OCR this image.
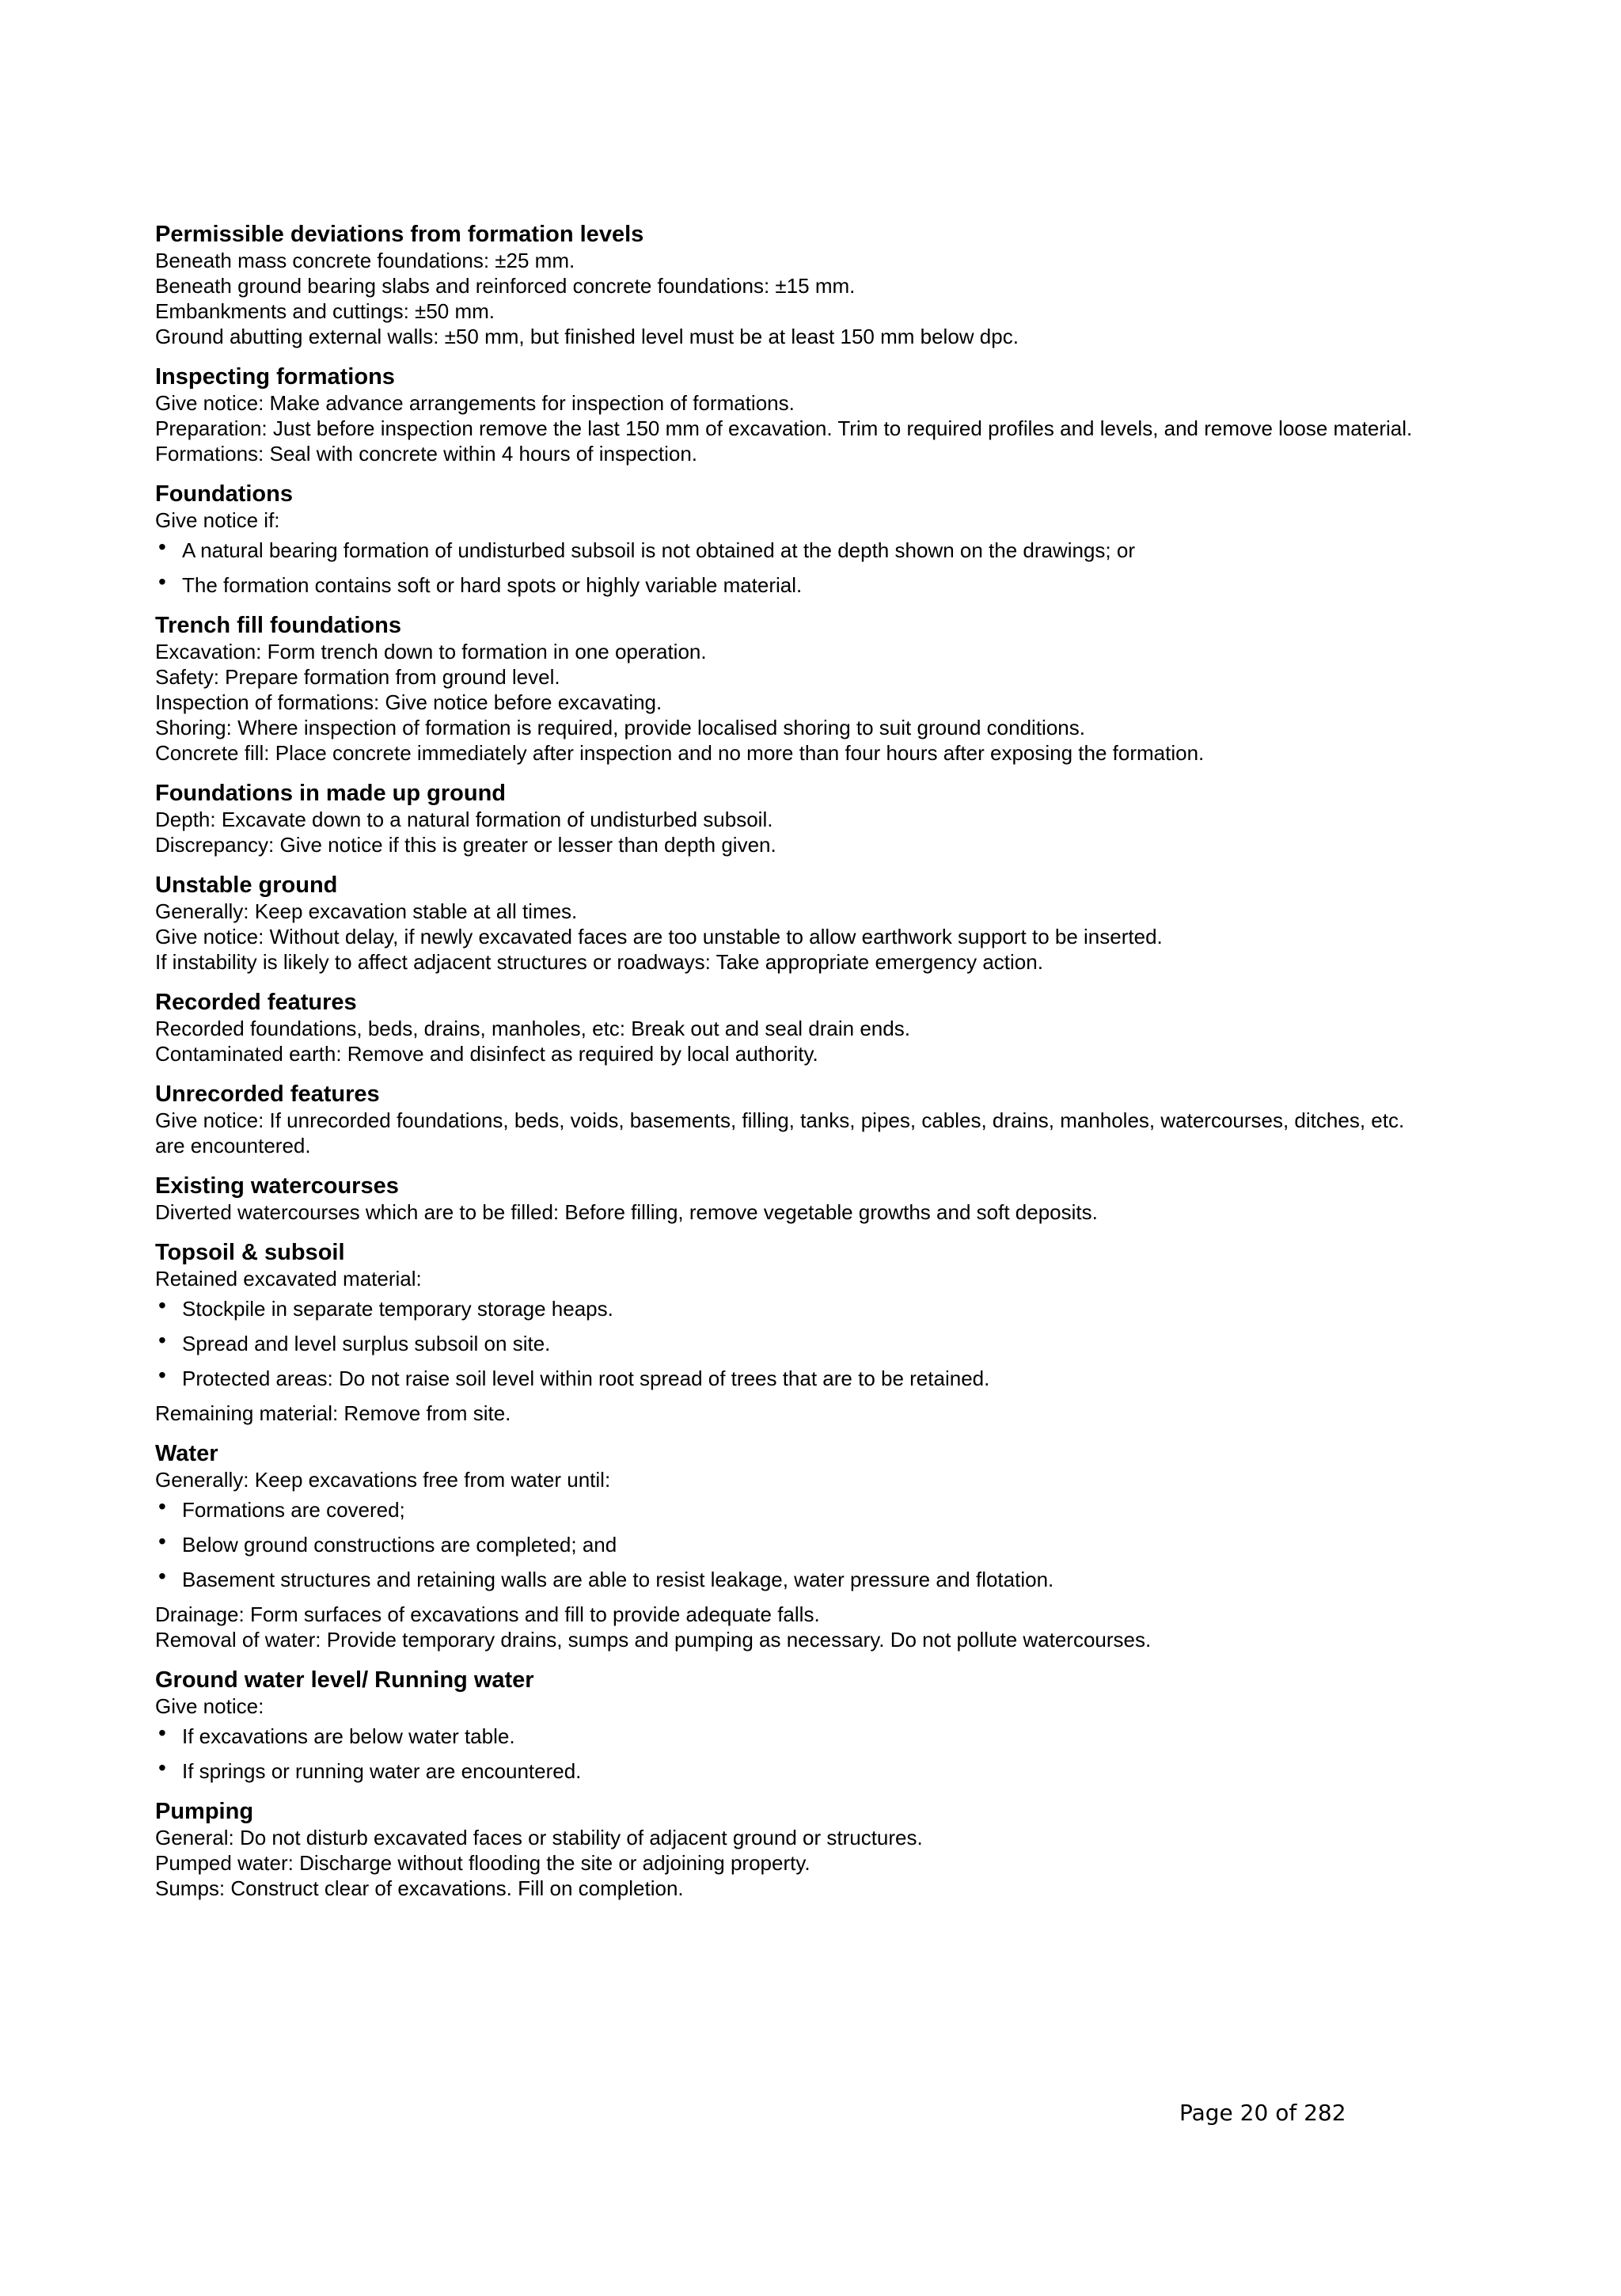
Permissible deviations from formation levels
Beneath mass concrete foundations: ±25 mm.
Beneath ground bearing slabs and reinforced concrete foundations: ±15 mm.
Embankments and cuttings: ±50 mm.
Ground abutting external walls: ±50 mm, but finished level must be at least 150 mm below dpc.
Inspecting formations
Give notice: Make advance arrangements for inspection of formations.
Preparation: Just before inspection remove the last 150 mm of excavation. Trim to required profiles and levels, and remove loose material.
Formations: Seal with concrete within 4 hours of inspection.
Foundations
Give notice if:
• A natural bearing formation of undisturbed subsoil is not obtained at the depth shown on the drawings; or
• The formation contains soft or hard spots or highly variable material.
Trench fill foundations
Excavation: Form trench down to formation in one operation.
Safety: Prepare formation from ground level.
Inspection of formations: Give notice before excavating.
Shoring: Where inspection of formation is required, provide localised shoring to suit ground conditions.
Concrete fill: Place concrete immediately after inspection and no more than four hours after exposing the formation.
Foundations in made up ground
Depth: Excavate down to a natural formation of undisturbed subsoil.
Discrepancy: Give notice if this is greater or lesser than depth given.
Unstable ground
Generally: Keep excavation stable at all times.
Give notice: Without delay, if newly excavated faces are too unstable to allow earthwork support to be inserted.
If instability is likely to affect adjacent structures or roadways: Take appropriate emergency action.
Recorded features
Recorded foundations, beds, drains, manholes, etc: Break out and seal drain ends.
Contaminated earth: Remove and disinfect as required by local authority.
Unrecorded features
Give notice: If unrecorded foundations, beds, voids, basements, filling, tanks, pipes, cables, drains, manholes, watercourses, ditches, etc. are encountered.
Existing watercourses
Diverted watercourses which are to be filled: Before filling, remove vegetable growths and soft deposits.
Topsoil & subsoil
Retained excavated material:
• Stockpile in separate temporary storage heaps.
• Spread and level surplus subsoil on site.
• Protected areas: Do not raise soil level within root spread of trees that are to be retained.
Remaining material: Remove from site.
Water
Generally: Keep excavations free from water until:
• Formations are covered;
• Below ground constructions are completed; and
• Basement structures and retaining walls are able to resist leakage, water pressure and flotation.
Drainage: Form surfaces of excavations and fill to provide adequate falls.
Removal of water: Provide temporary drains, sumps and pumping as necessary. Do not pollute watercourses.
Ground water level/ Running water
Give notice:
• If excavations are below water table.
• If springs or running water are encountered.
Pumping
General: Do not disturb excavated faces or stability of adjacent ground or structures.
Pumped water: Discharge without flooding the site or adjoining property.
Sumps: Construct clear of excavations. Fill on completion.
Page 20 of 282
